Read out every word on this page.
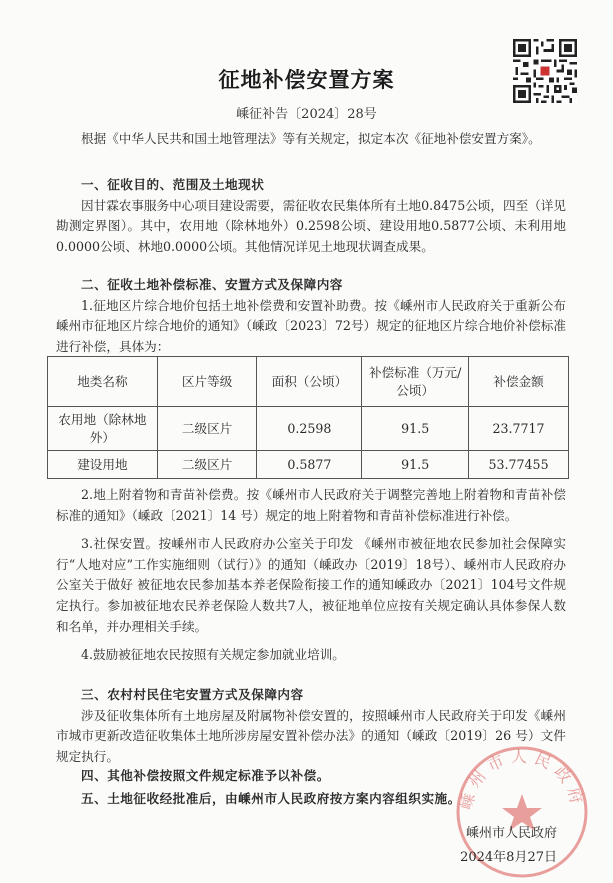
征地补偿安置方案
嵊征补告〔2024〕28号

根据《中华人民共和国土地管理法》等有关规定，拟定本次《征地补偿安置方案》。

一、征收目的、范围及土地现状

因甘霖农事服务中心项目建设需要，需征收农民集体所有土地0.8475公顷，四至（详见勘测定界图）。其中，农用地（除林地外）0.2598公顷、建设用地0.5877公顷、未利用地0.0000公顷、林地0.0000公顷。其他情况详见土地现状调查成果。

二、征收土地补偿标准、安置方式及保障内容

1.征地区片综合地价包括土地补偿费和安置补助费。按《嵊州市人民政府关于重新公布嵊州市征地区片综合地价的通知》（嵊政〔2023〕72号）规定的征地区片综合地价补偿标准进行补偿，具体为：

地类名称	区片等级	面积（公顷）	补偿标准（万元/公顷）	补偿金额
农用地（除林地外）	二级区片	0.2598	91.5	23.7717
建设用地	二级区片	0.5877	91.5	53.77455

2.地上附着物和青苗补偿费。按《嵊州市人民政府关于调整完善地上附着物和青苗补偿标准的通知》（嵊政〔2021〕14 号）规定的地上附着物和青苗补偿标准进行补偿。

3.社保安置。按嵊州市人民政府办公室关于印发 《嵊州市被征地农民参加社会保障实行“人地对应”工作实施细则（试行）》的通知（嵊政办〔2019〕18号）、嵊州市人民政府办公室关于做好 被征地农民参加基本养老保险衔接工作的通知嵊政办〔2021〕104号文件规定执行。参加被征地农民养老保险人数共7人，被征地单位应按有关规定确认具体参保人数和名单，并办理相关手续。

4.鼓励被征地农民按照有关规定参加就业培训。

三、农村村民住宅安置方式及保障内容

涉及征收集体所有土地房屋及附属物补偿安置的，按照嵊州市人民政府关于印发《嵊州市城市更新改造征收集体土地所涉房屋安置补偿办法》的通知（嵊政〔2019〕26 号）文件规定执行。

四、其他补偿按照文件规定标准予以补偿。

五、土地征收经批准后，由嵊州市人民政府按方案内容组织实施。

嵊州市人民政府
嵊州市人民政府
2024年8月27日
